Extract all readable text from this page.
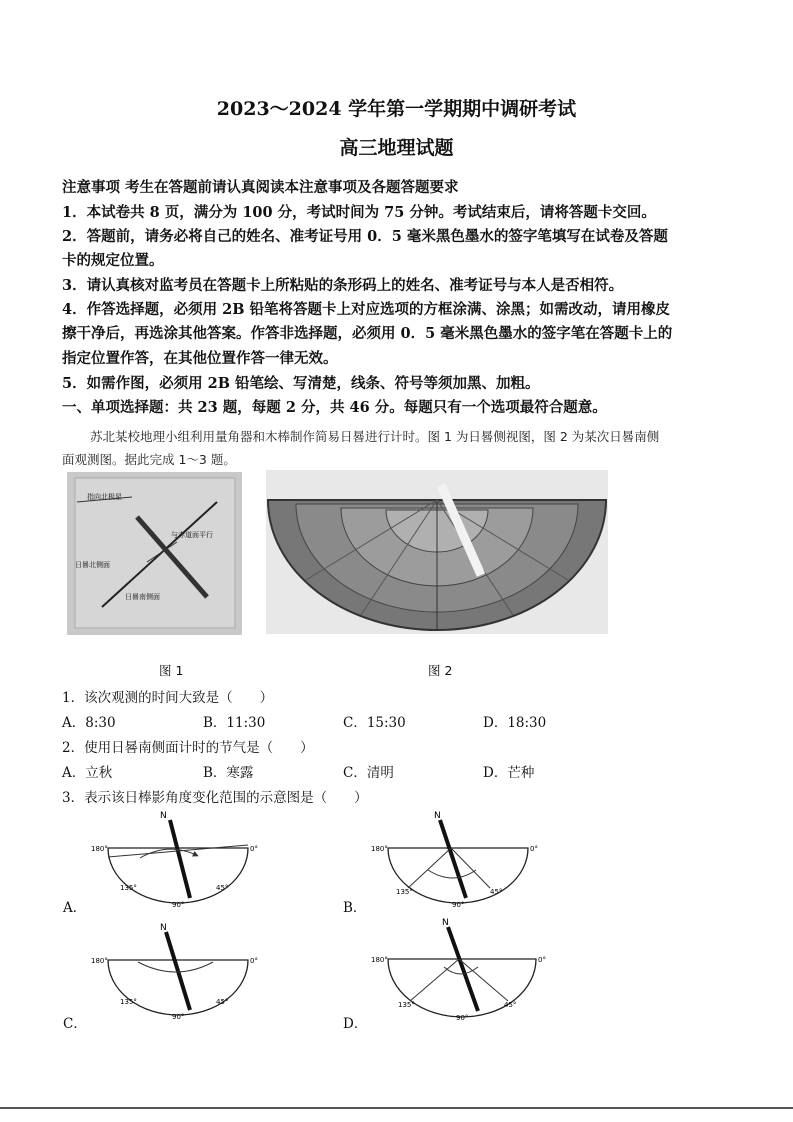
2023～2024 学年第一学期期中调研考试
高三地理试题
注意事项 考生在答题前请认真阅读本注意事项及各题答题要求
1．本试卷共 8 页，满分为 100 分，考试时间为 75 分钟。考试结束后，请将答题卡交回。
2．答题前，请务必将自己的姓名、准考证号用 0．5 毫米黑色墨水的签字笔填写在试卷及答题
卡的规定位置。
3．请认真核对监考员在答题卡上所粘贴的条形码上的姓名、准考证号与本人是否相符。
4．作答选择题，必须用 2B 铅笔将答题卡上对应选项的方框涂满、涂黑；如需改动，请用橡皮
擦干净后，再选涂其他答案。作答非选择题，必须用 0．5 毫米黑色墨水的签字笔在答题卡上的
指定位置作答，在其他位置作答一律无效。
5．如需作图，必须用 2B 铅笔绘、写清楚，线条、符号等须加黑、加粗。
一、单项选择题：共 23 题，每题 2 分，共 46 分。每题只有一个选项最符合题意。
苏北某校地理小组利用量角器和木棒制作简易日晷进行计时。图 1 为日晷侧视图，图 2 为某次日晷南侧
面观测图。据此完成 1～3 题。
指向北极星
与赤道面平行
日晷北侧面
日晷南侧面
图 1	图 2
1．该次观测的时间大致是（　　）
A．8:30	B．11:30	C．15:30	D．18:30
2．使用日晷南侧面计时的节气是（　　）
A．立秋	B．寒露	C．清明	D．芒种
3．表示该日棒影角度变化范围的示意图是（　　）
N
180°	0°
135°
90°
45°
A．
N
180°	0°
135°
90°
45°
B．
N
180°	0°
135°
90°
45°
C．
N
180°	0°
135°
90°
45°
D．
